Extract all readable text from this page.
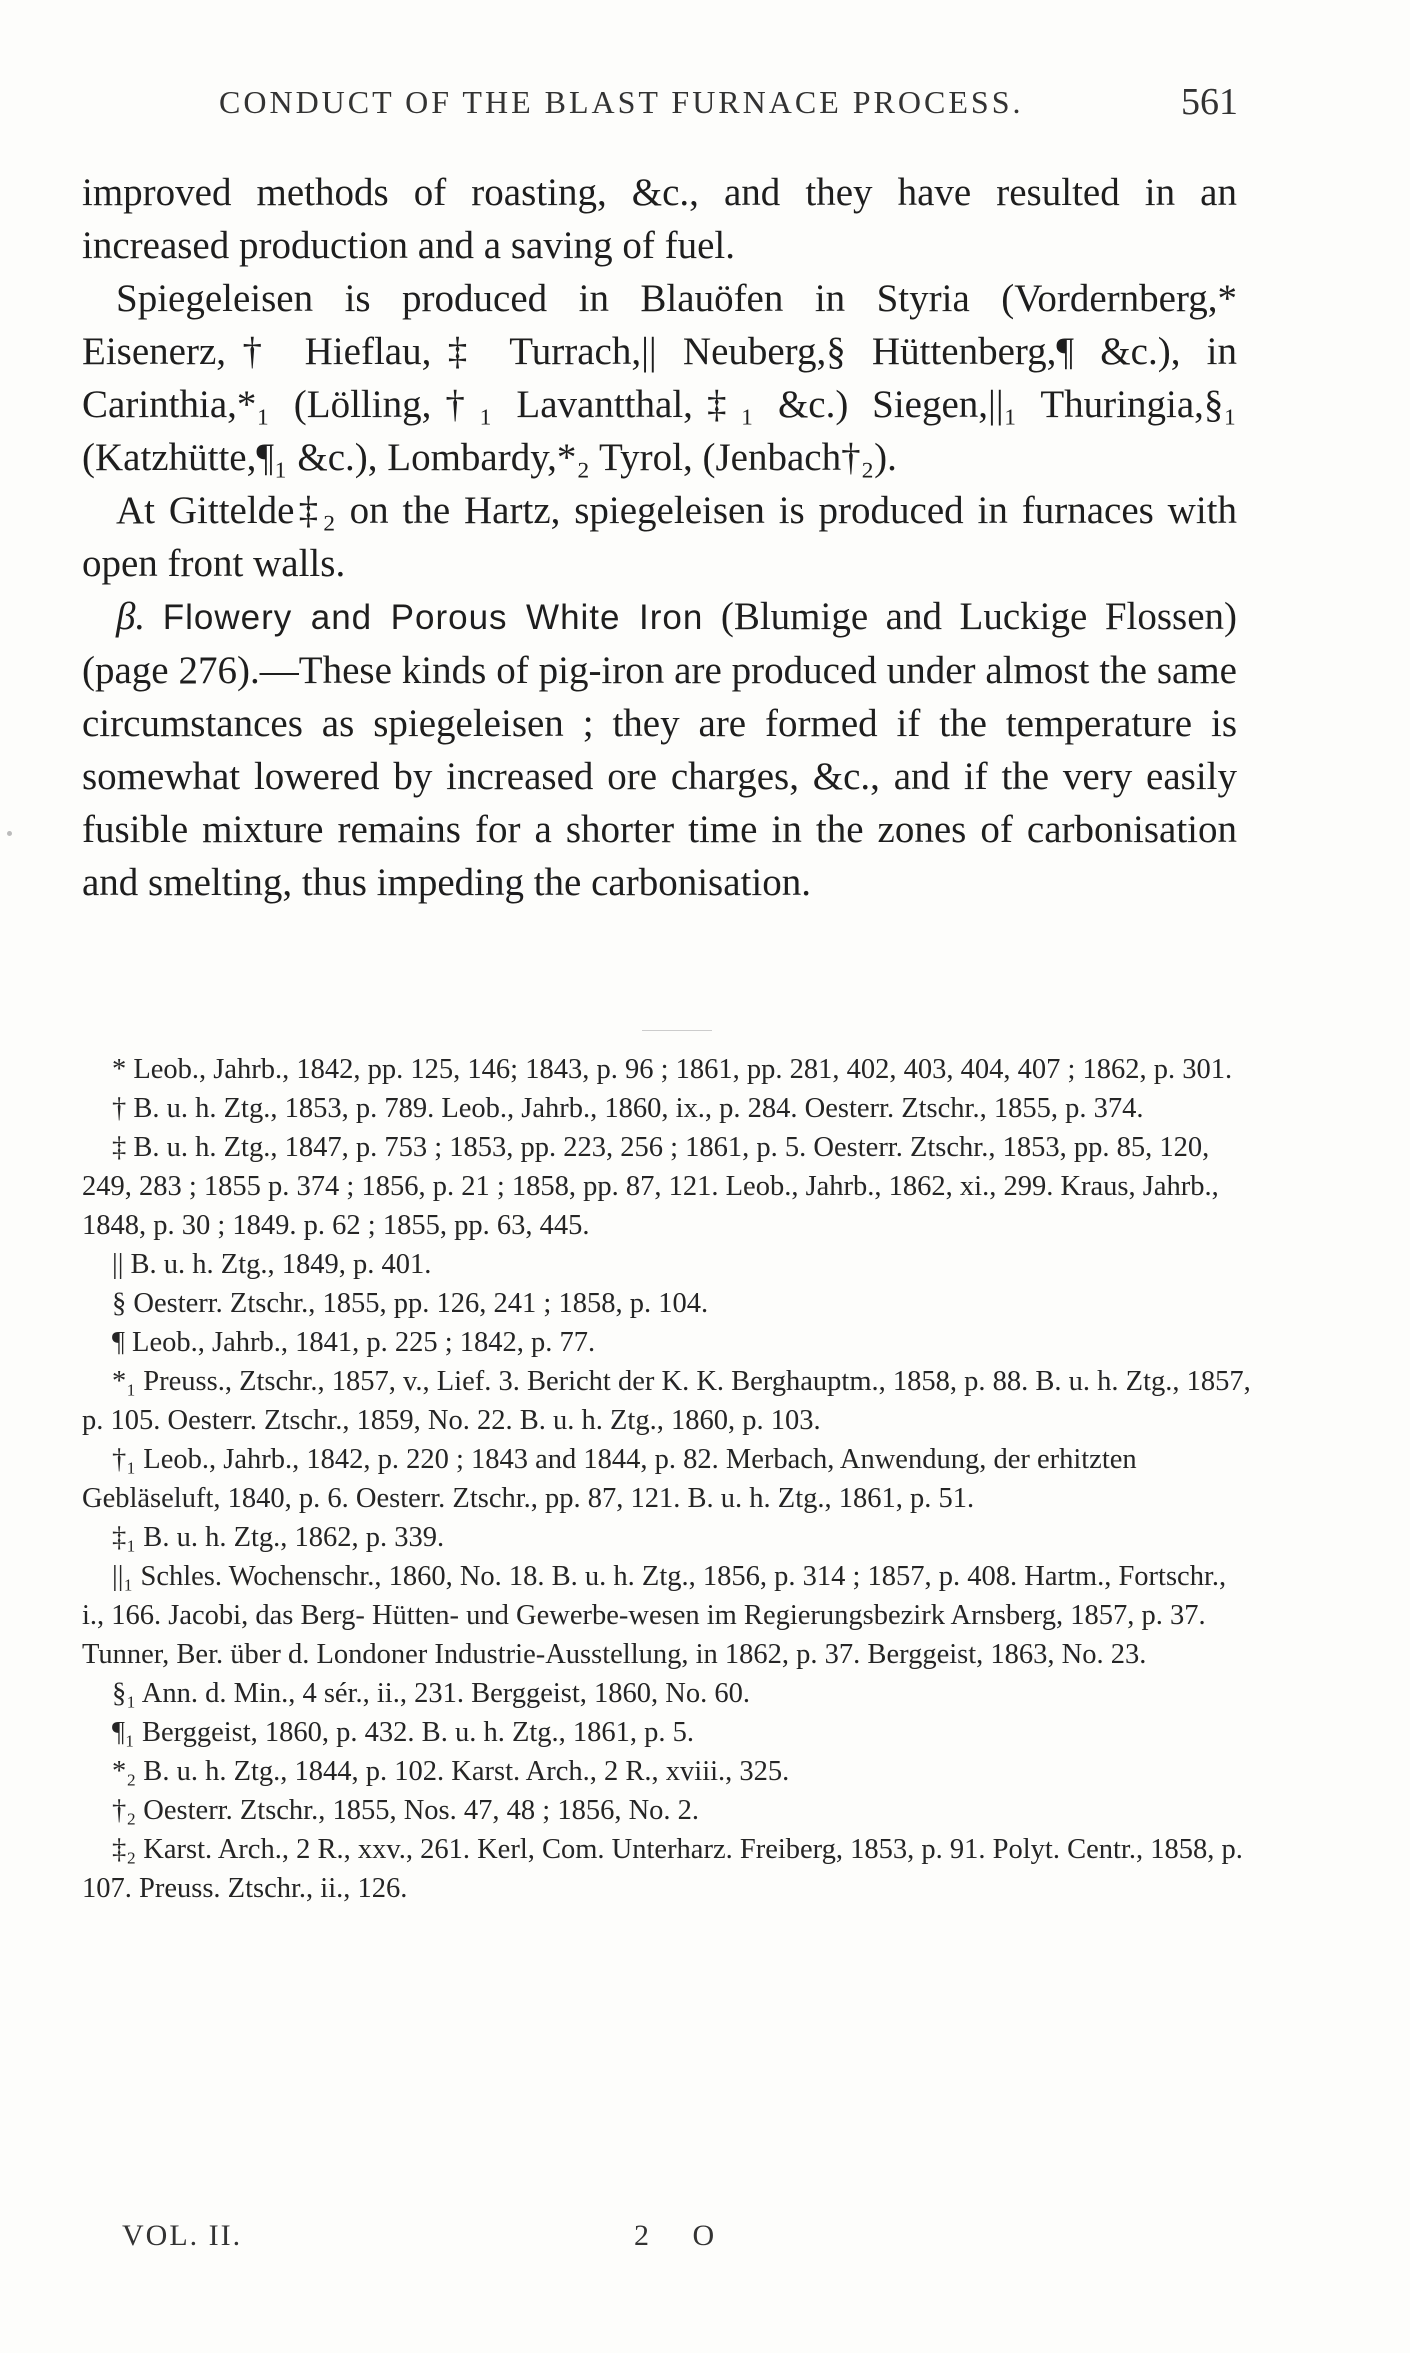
CONDUCT OF THE BLAST FURNACE PROCESS.	561

improved methods of roasting, &c., and they have resulted in an increased production and a saving of fuel.

Spiegeleisen is produced in Blauöfen in Styria (Vordernberg,* Eisenerz,† Hieflau,‡ Turrach,|| Neuberg,§ Hüttenberg,¶ &c.), in Carinthia,*₁ (Lölling,†₁ Lavantthal,‡₁ &c.) Siegen,||₁ Thuringia,§₁ (Katzhütte,¶₁ &c.), Lombardy,*₂ Tyrol, (Jenbach†₂).

At Gittelde‡₂ on the Hartz, spiegeleisen is produced in furnaces with open front walls.

β. Flowery and Porous White Iron (Blumige and Luckige Flossen) (page 276).—These kinds of pig-iron are produced under almost the same circumstances as spiegeleisen ; they are formed if the temperature is somewhat lowered by increased ore charges, &c., and if the very easily fusible mixture remains for a shorter time in the zones of carbonisation and smelting, thus impeding the carbonisation.

* Leob., Jahrb., 1842, pp. 125, 146; 1843, p. 96 ; 1861, pp. 281, 402, 403, 404, 407 ; 1862, p. 301.

† B. u. h. Ztg., 1853, p. 789. Leob., Jahrb., 1860, ix., p. 284. Oesterr. Ztschr., 1855, p. 374.

‡ B. u. h. Ztg., 1847, p. 753 ; 1853, pp. 223, 256 ; 1861, p. 5. Oesterr. Ztschr., 1853, pp. 85, 120, 249, 283 ; 1855 p. 374 ; 1856, p. 21 ; 1858, pp. 87, 121. Leob., Jahrb., 1862, xi., 299. Kraus, Jahrb., 1848, p. 30 ; 1849. p. 62 ; 1855, pp. 63, 445.

|| B. u. h. Ztg., 1849, p. 401.

§ Oesterr. Ztschr., 1855, pp. 126, 241 ; 1858, p. 104.

¶ Leob., Jahrb., 1841, p. 225 ; 1842, p. 77.

*₁ Preuss., Ztschr., 1857, v., Lief. 3. Bericht der K. K. Berghauptm., 1858, p. 88. B. u. h. Ztg., 1857, p. 105. Oesterr. Ztschr., 1859, No. 22. B. u. h. Ztg., 1860, p. 103.

†₁ Leob., Jahrb., 1842, p. 220 ; 1843 and 1844, p. 82. Merbach, Anwendung, der erhitzten Gebläseluft, 1840, p. 6. Oesterr. Ztschr., pp. 87, 121. B. u. h. Ztg., 1861, p. 51.

‡₁ B. u. h. Ztg., 1862, p. 339.

||₁ Schles. Wochenschr., 1860, No. 18. B. u. h. Ztg., 1856, p. 314 ; 1857, p. 408. Hartm., Fortschr., i., 166. Jacobi, das Berg- Hütten- und Gewerbe-wesen im Regierungsbezirk Arnsberg, 1857, p. 37. Tunner, Ber. über d. Londoner Industrie-Ausstellung, in 1862, p. 37. Berggeist, 1863, No. 23.

§₁ Ann. d. Min., 4 sér., ii., 231. Berggeist, 1860, No. 60.

¶₁ Berggeist, 1860, p. 432. B. u. h. Ztg., 1861, p. 5.

*₂ B. u. h. Ztg., 1844, p. 102. Karst. Arch., 2 R., xviii., 325.

†₂ Oesterr. Ztschr., 1855, Nos. 47, 48 ; 1856, No. 2.

‡₂ Karst. Arch., 2 R., xxv., 261. Kerl, Com. Unterharz. Freiberg, 1853, p. 91. Polyt. Centr., 1858, p. 107. Preuss. Ztschr., ii., 126.

VOL. II.	2 O
